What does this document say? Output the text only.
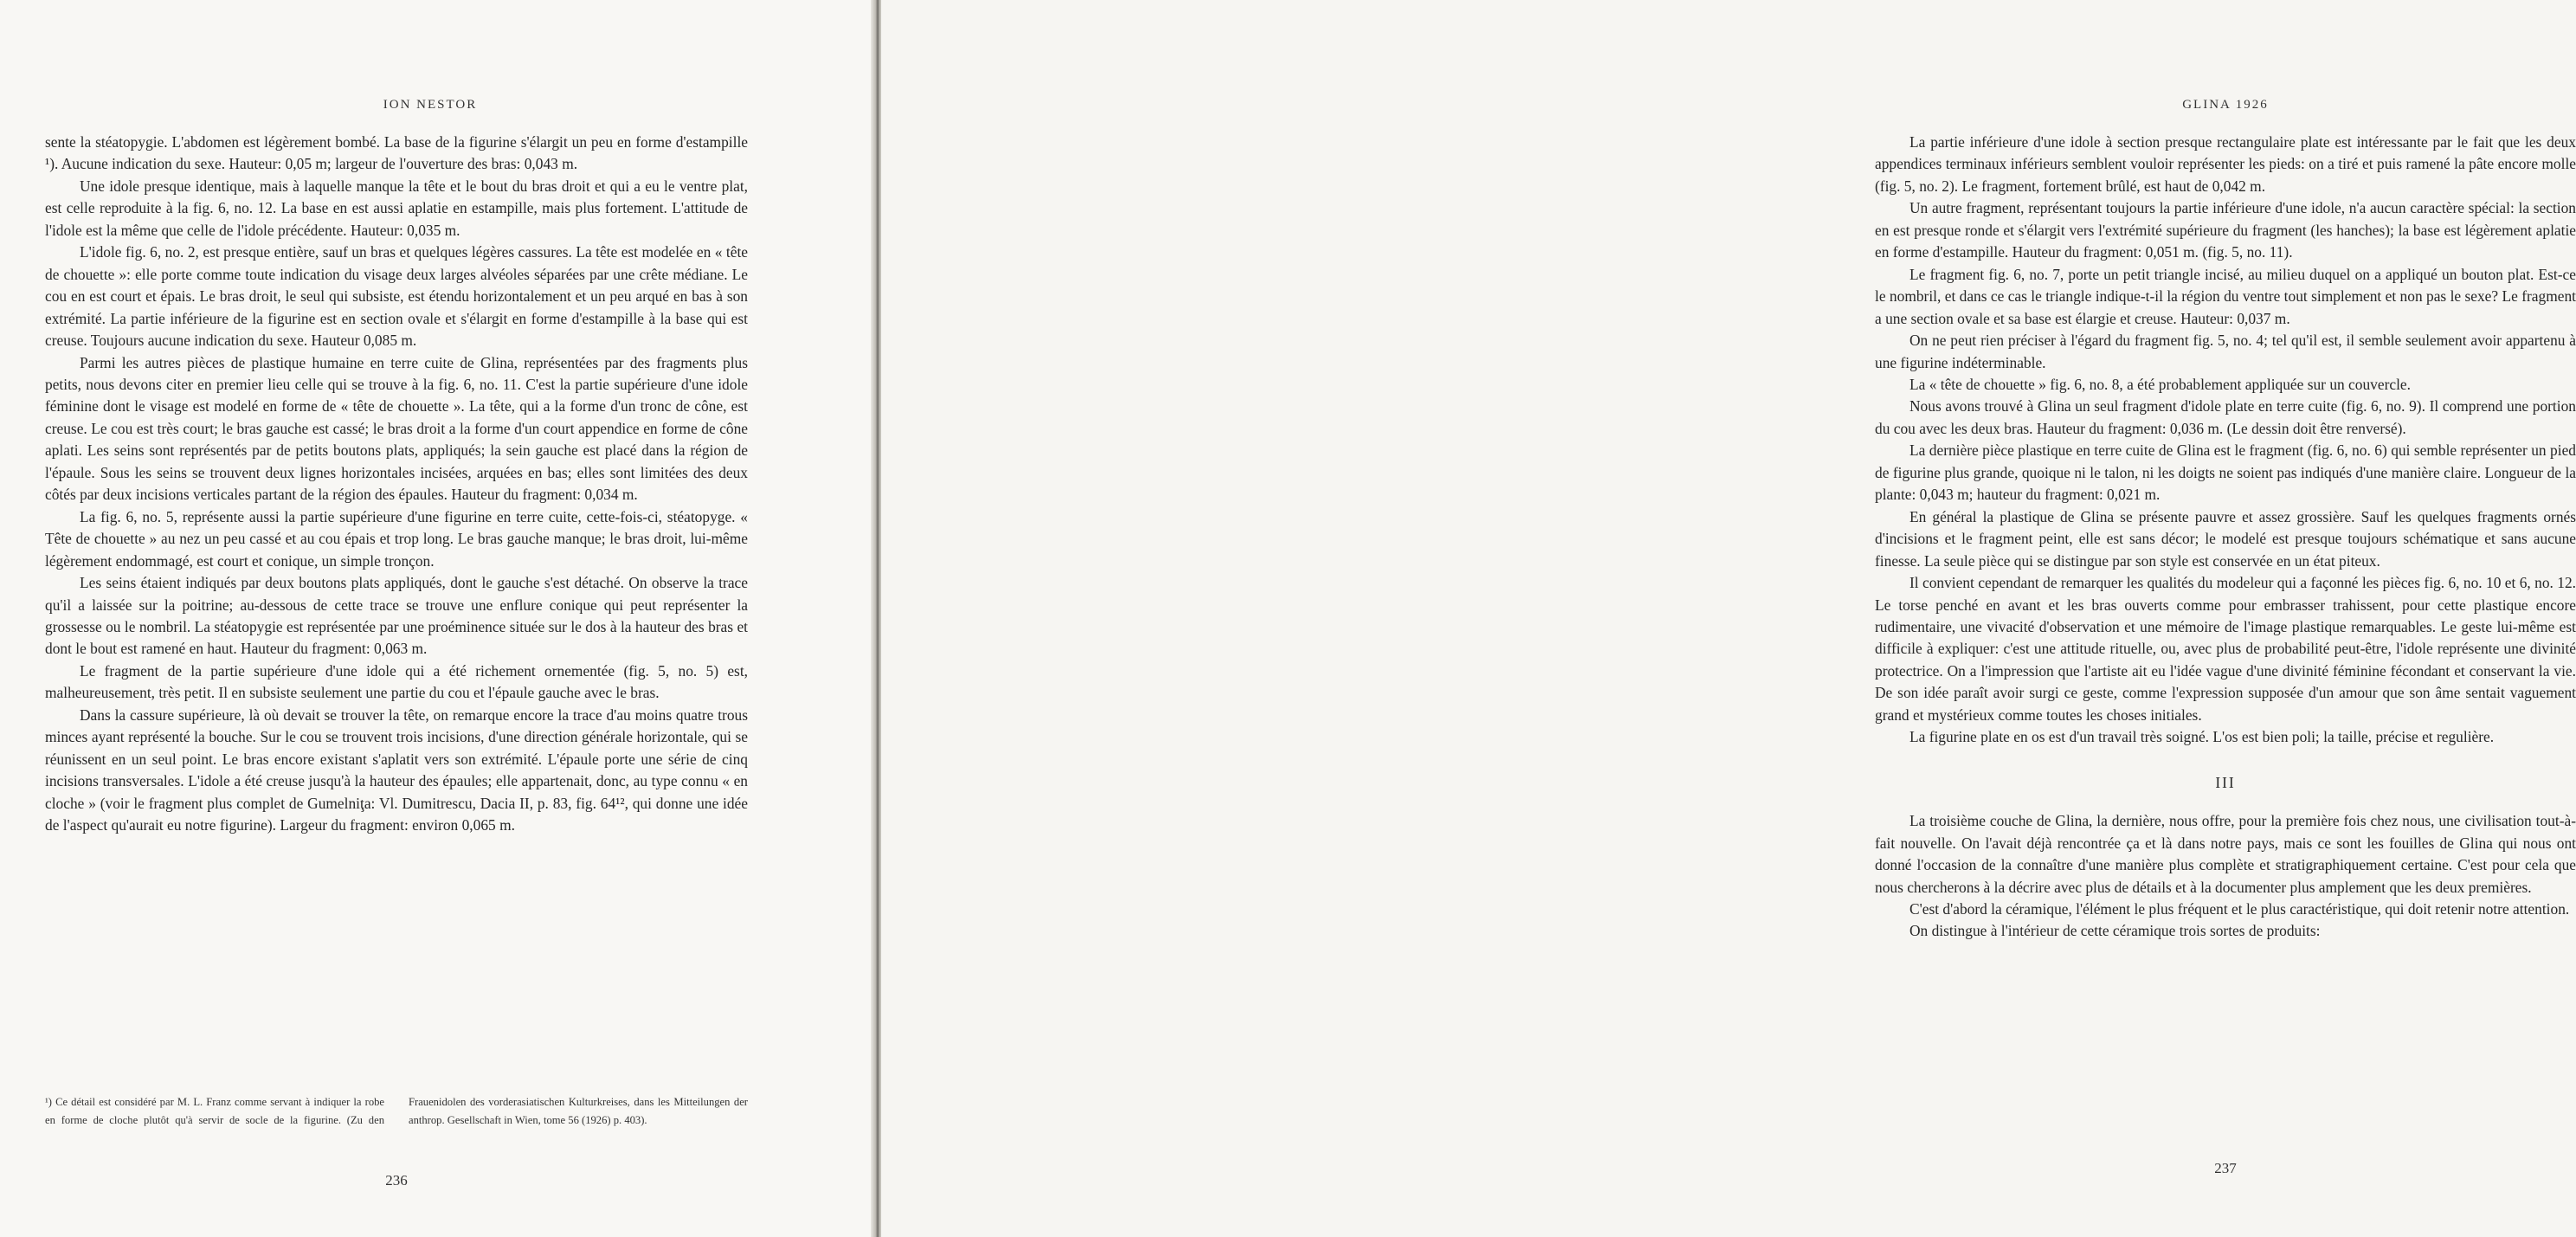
ION NESTOR

sente la stéatopygie. L'abdomen est légèrement bombé. La base de la figurine s'élargit un peu en forme d'estampille ¹). Aucune indication du sexe. Hauteur: 0,05 m; largeur de l'ouverture des bras: 0,043 m.

Une idole presque identique, mais à laquelle manque la tête et le bout du bras droit et qui a eu le ventre plat, est celle reproduite à la fig. 6, no. 12. La base en est aussi aplatie en estampille, mais plus fortement. L'attitude de l'idole est la même que celle de l'idole précédente. Hauteur: 0,035 m.

L'idole fig. 6, no. 2, est presque entière, sauf un bras et quelques légères cassures. La tête est modelée en « tête de chouette »: elle porte comme toute indication du visage deux larges alvéoles séparées par une crête médiane. Le cou en est court et épais. Le bras droit, le seul qui subsiste, est étendu horizontalement et un peu arqué en bas à son extrémité. La partie inférieure de la figurine est en section ovale et s'élargit en forme d'estampille à la base qui est creuse. Toujours aucune indication du sexe. Hauteur 0,085 m.

Parmi les autres pièces de plastique humaine en terre cuite de Glina, représentées par des fragments plus petits, nous devons citer en premier lieu celle qui se trouve à la fig. 6, no. 11. C'est la partie supérieure d'une idole féminine dont le visage est modelé en forme de « tête de chouette ». La tête, qui a la forme d'un tronc de cône, est creuse. Le cou est très court; le bras gauche est cassé; le bras droit a la forme d'un court appendice en forme de cône aplati. Les seins sont représentés par de petits boutons plats, appliqués; la sein gauche est placé dans la région de l'épaule. Sous les seins se trouvent deux lignes horizontales incisées, arquées en bas; elles sont limitées des deux côtés par deux incisions verticales partant de la région des épaules. Hauteur du fragment: 0,034 m.

La fig. 6, no. 5, représente aussi la partie supérieure d'une figurine en terre cuite, cette-fois-ci, stéatopyge. « Tête de chouette » au nez un peu cassé et au cou épais et trop long. Le bras gauche manque; le bras droit, lui-même légèrement endommagé, est court et conique, un simple tronçon.

Les seins étaient indiqués par deux boutons plats appliqués, dont le gauche s'est détaché. On observe la trace qu'il a laissée sur la poitrine; au-dessous de cette trace se trouve une enflure conique qui peut représenter la grossesse ou le nombril. La stéatopygie est représentée par une proéminence située sur le dos à la hauteur des bras et dont le bout est ramené en haut. Hauteur du fragment: 0,063 m.

Le fragment de la partie supérieure d'une idole qui a été richement ornementée (fig. 5, no. 5) est, malheureusement, très petit. Il en subsiste seulement une partie du cou et l'épaule gauche avec le bras.

Dans la cassure supérieure, là où devait se trouver la tête, on remarque encore la trace d'au moins quatre trous minces ayant représenté la bouche. Sur le cou se trouvent trois incisions, d'une direction générale horizontale, qui se réunissent en un seul point. Le bras encore existant s'aplatit vers son extrémité. L'épaule porte une série de cinq incisions transversales. L'idole a été creuse jusqu'à la hauteur des épaules; elle appartenait, donc, au type connu « en cloche » (voir le fragment plus complet de Gumelniţa: Vl. Dumitrescu, Dacia II, p. 83, fig. 64¹², qui donne une idée de l'aspect qu'aurait eu notre figurine). Largeur du fragment: environ 0,065 m.

¹) Ce détail est considéré par M. L. Franz comme servant à indiquer la robe en forme de cloche plutôt qu'à servir de socle de la figurine. (Zu den Frauenidolen des vorderasiatischen Kulturkreises, dans les Mitteilungen der anthrop. Gesellschaft in Wien, tome 56 (1926) p. 403).
236
GLINA 1926

La partie inférieure d'une idole à section presque rectangulaire plate est intéressante par le fait que les deux appendices terminaux inférieurs semblent vouloir représenter les pieds: on a tiré et puis ramené la pâte encore molle (fig. 5, no. 2). Le fragment, fortement brûlé, est haut de 0,042 m.

Un autre fragment, représentant toujours la partie inférieure d'une idole, n'a aucun caractère spécial: la section en est presque ronde et s'élargit vers l'extrémité supérieure du fragment (les hanches); la base est légèrement aplatie en forme d'estampille. Hauteur du fragment: 0,051 m. (fig. 5, no. 11).

Le fragment fig. 6, no. 7, porte un petit triangle incisé, au milieu duquel on a appliqué un bouton plat. Est-ce le nombril, et dans ce cas le triangle indique-t-il la région du ventre tout simplement et non pas le sexe? Le fragment a une section ovale et sa base est élargie et creuse. Hauteur: 0,037 m.

On ne peut rien préciser à l'égard du fragment fig. 5, no. 4; tel qu'il est, il semble seulement avoir appartenu à une figurine indéterminable.

La « tête de chouette » fig. 6, no. 8, a été probablement appliquée sur un couvercle.

Nous avons trouvé à Glina un seul fragment d'idole plate en terre cuite (fig. 6, no. 9). Il comprend une portion du cou avec les deux bras. Hauteur du fragment: 0,036 m. (Le dessin doit être renversé).

La dernière pièce plastique en terre cuite de Glina est le fragment (fig. 6, no. 6) qui semble représenter un pied de figurine plus grande, quoique ni le talon, ni les doigts ne soient pas indiqués d'une manière claire. Longueur de la plante: 0,043 m; hauteur du fragment: 0,021 m.

En général la plastique de Glina se présente pauvre et assez grossière. Sauf les quelques fragments ornés d'incisions et le fragment peint, elle est sans décor; le modelé est presque toujours schématique et sans aucune finesse. La seule pièce qui se distingue par son style est conservée en un état piteux.

Il convient cependant de remarquer les qualités du modeleur qui a façonné les pièces fig. 6, no. 10 et 6, no. 12. Le torse penché en avant et les bras ouverts comme pour embrasser trahissent, pour cette plastique encore rudimentaire, une vivacité d'observation et une mémoire de l'image plastique remarquables. Le geste lui-même est difficile à expliquer: c'est une attitude rituelle, ou, avec plus de probabilité peut-être, l'idole représente une divinité protectrice. On a l'impression que l'artiste ait eu l'idée vague d'une divinité féminine fécondant et conservant la vie. De son idée paraît avoir surgi ce geste, comme l'expression supposée d'un amour que son âme sentait vaguement grand et mystérieux comme toutes les choses initiales.

La figurine plate en os est d'un travail très soigné. L'os est bien poli; la taille, précise et regulière.

III

La troisième couche de Glina, la dernière, nous offre, pour la première fois chez nous, une civilisation tout-à-fait nouvelle. On l'avait déjà rencontrée ça et là dans notre pays, mais ce sont les fouilles de Glina qui nous ont donné l'occasion de la connaître d'une manière plus complète et stratigraphiquement certaine. C'est pour cela que nous chercherons à la décrire avec plus de détails et à la documenter plus amplement que les deux premières.

C'est d'abord la céramique, l'élément le plus fréquent et le plus caractéristique, qui doit retenir notre attention.

On distingue à l'intérieur de cette céramique trois sortes de produits:

237
